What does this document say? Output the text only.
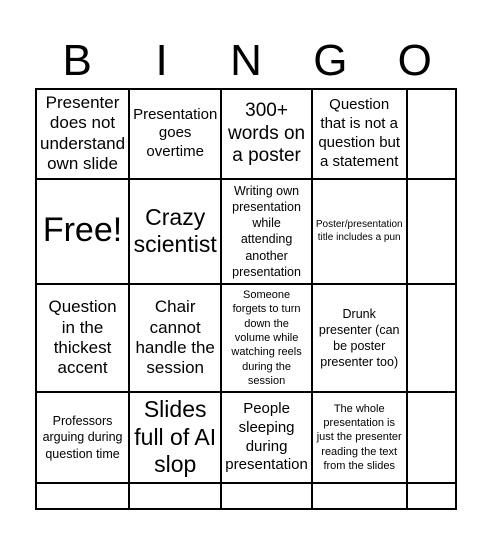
B	I	N	G	O
Presenter does not understand own slide
Presentation goes overtime
300+ words on a poster
Question that is not a question but a statement
Free! Crazy scientist
Writing own presentation while attending another presentation
Poster/presentation title includes a pun
Question in the thickest accent
Chair cannot handle the session
Someone forgets to turn down the volume while watching reels during the session
Drunk presenter (can be poster presenter too)
Professors arguing during question time
Slides full of AI slop
People sleeping during presentation
The whole presentation is just the presenter reading the text from the slides
